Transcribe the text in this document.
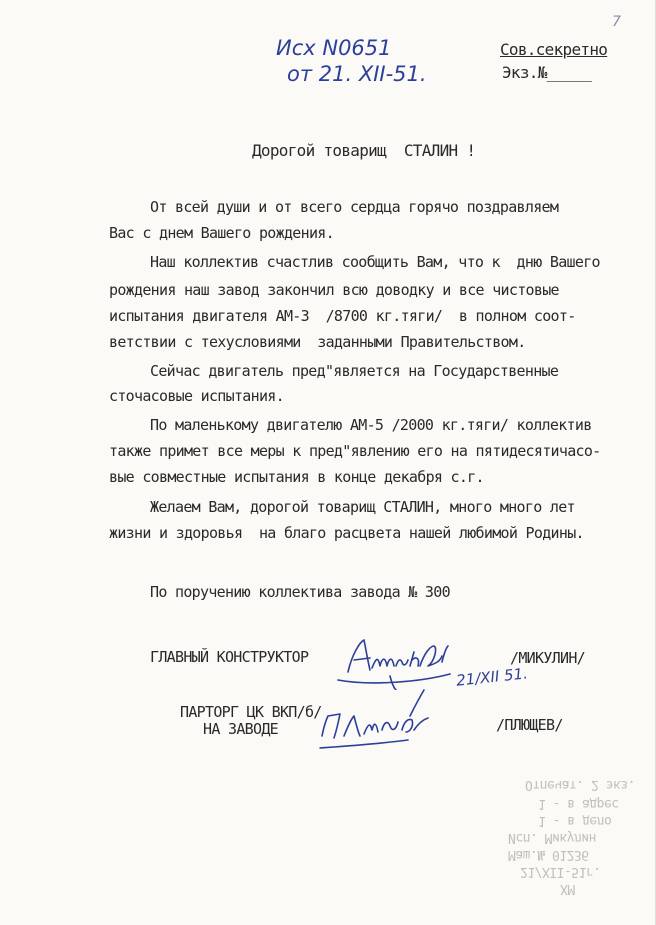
Исх N0651
от 21. XII-51.
7
Сов.секретно
Экз.№_____
Дорогой товарищ  СТАЛИН !
От всей души и от всего сердца горячо поздравляем
Вас с днем Вашего рождения.
Наш коллектив счастлив сообщить Вам, что к  дню Вашего
рождения наш завод закончил всю доводку и все чистовые
испытания двигателя АМ-3  /8700 кг.тяги/  в полном соот-
ветствии с техусловиями  заданными Правительством.
Сейчас двигатель пред"является на Государственные
сточасовые испытания.
По маленькому двигателю АМ-5 /2000 кг.тяги/ коллектив
также примет все меры к пред"явлению его на пятидесятичасо-
вые совместные испытания в конце декабря с.г.
Желаем Вам, дорогой товарищ СТАЛИН, много много лет
жизни и здоровья  на благо расцвета нашей любимой Родины.
По поручению коллектива завода № 300
ГЛАВНЫЙ КОНСТРУКТОР	/МИКУЛИН/
ПАРТОРГ ЦК ВКП/б/
НА ЗАВОДЕ	/ПЛЮЩЕВ/
21/XII 51.
Отпечат. 2 экз.
1 - в адрес
1 - в дело
Исп. Микулин
Маш.№ 01236
21/XII-51г.
ХМ
